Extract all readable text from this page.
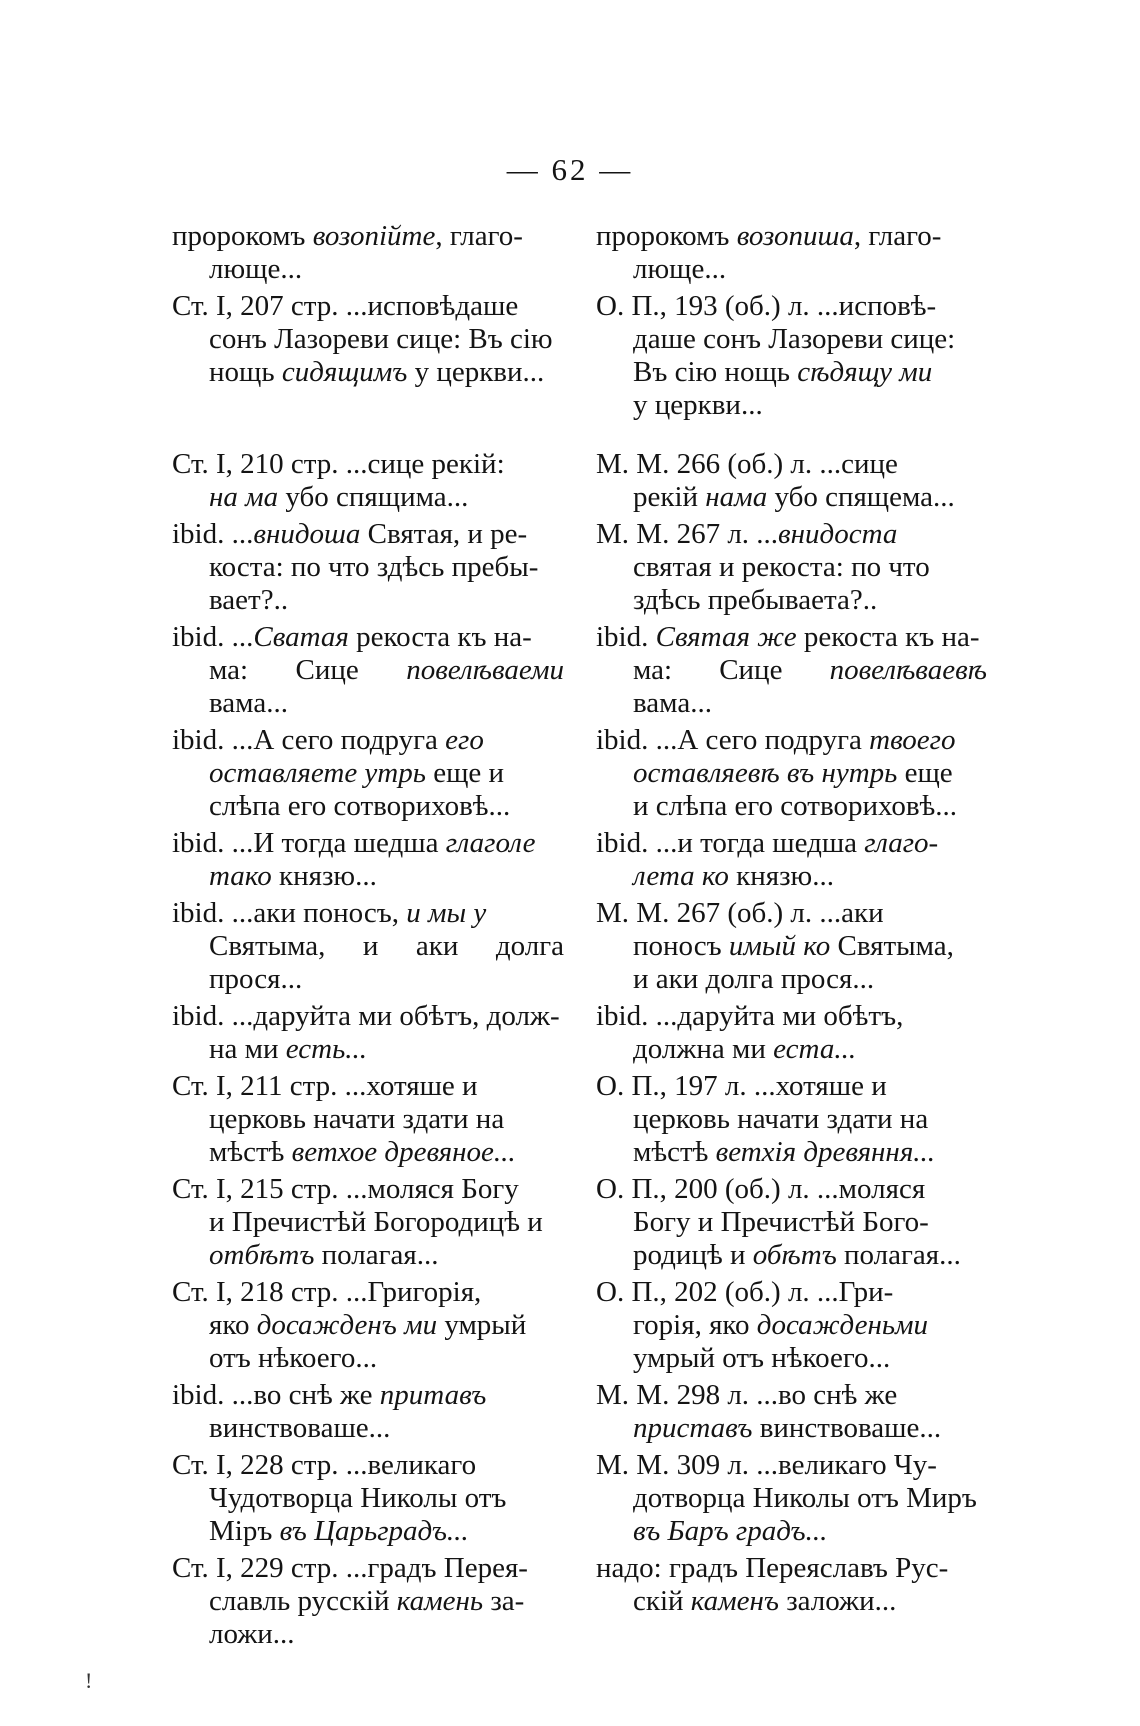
— 62 —
пророкомъ возопійте, глаго-
люще...		пророкомъ возопиша, глаго-
люще...

Ст. I, 207 стр. ...исповѣдаше
сонъ Лазореви сице: Въ сію
нощь сидящимъ у церкви...		О. П., 193 (об.) л. ...исповѣ-
даше сонъ Лазореви сице:
Въ сію нощь сѣдящу ми
у церкви...

Ст. I, 210 стр. ...сице рекій:
на ма убо спящима...		М. М. 266 (об.) л. ...сице
рекій нама убо спящема...

ibid. ...внидоша Святая, и ре-
коста: по что здѣсь пребы-
вает?..		М. М. 267 л. ...внидоста
святая и рекоста: по что
здѣсь пребываета?..

ibid. ...Сватая рекоста къ на-
ма: Сице повелѣваеми вама...		ibid. Святая же рекоста къ на-
ма: Сице повелѣваевѣ вама...

ibid. ...А сего подруга его
оставляете утрь еще и
слѣпа его сотвориховѣ...		ibid. ...А сего подруга твоего
оставляевѣ въ нутрь еще
и слѣпа его сотвориховѣ...

ibid. ...И тогда шедша глаголе
тако князю...		ibid. ...и тогда шедша глаго-
лета ко князю...

ibid. ...аки поносъ, и мы у
Святыма, и аки долга прося...		М. М. 267 (об.) л. ...аки
поносъ имый ко Святыма,
и аки долга прося...

ibid. ...даруйта ми обѣтъ, долж-
на ми есть...		ibid. ...даруйта ми обѣтъ,
должна ми еста...

Ст. I, 211 стр. ...хотяше и
церковь начати здати на
мѣстѣ ветхое древяное...		О. П., 197 л. ...хотяше и
церковь начати здати на
мѣстѣ ветхія древяння...

Ст. I, 215 стр. ...моляся Богу
и Пречистѣй Богородицѣ и
отбѣтъ полагая...		О. П., 200 (об.) л. ...моляся
Богу и Пречистѣй Бого-
родицѣ и обѣтъ полагая...

Ст. I, 218 стр. ...Григорія,
яко досажденъ ми умрый
отъ нѣкоего...		О. П., 202 (об.) л. ...Гри-
горія, яко досажденьми
умрый отъ нѣкоего...

ibid. ...во снѣ же притавъ
винствоваше...		М. М. 298 л. ...во снѣ же
приставъ винствоваше...

Ст. I, 228 стр. ...великаго
Чудотворца Николы отъ
Міръ въ Царьградъ...		М. М. 309 л. ...великаго Чу-
дотворца Николы отъ Миръ
въ Баръ градъ...

Ст. I, 229 стр. ...градъ Перея-
славль русскій камень за-
ложи...		надо: градъ Переяславъ Рус-
скій каменъ заложи...
!
